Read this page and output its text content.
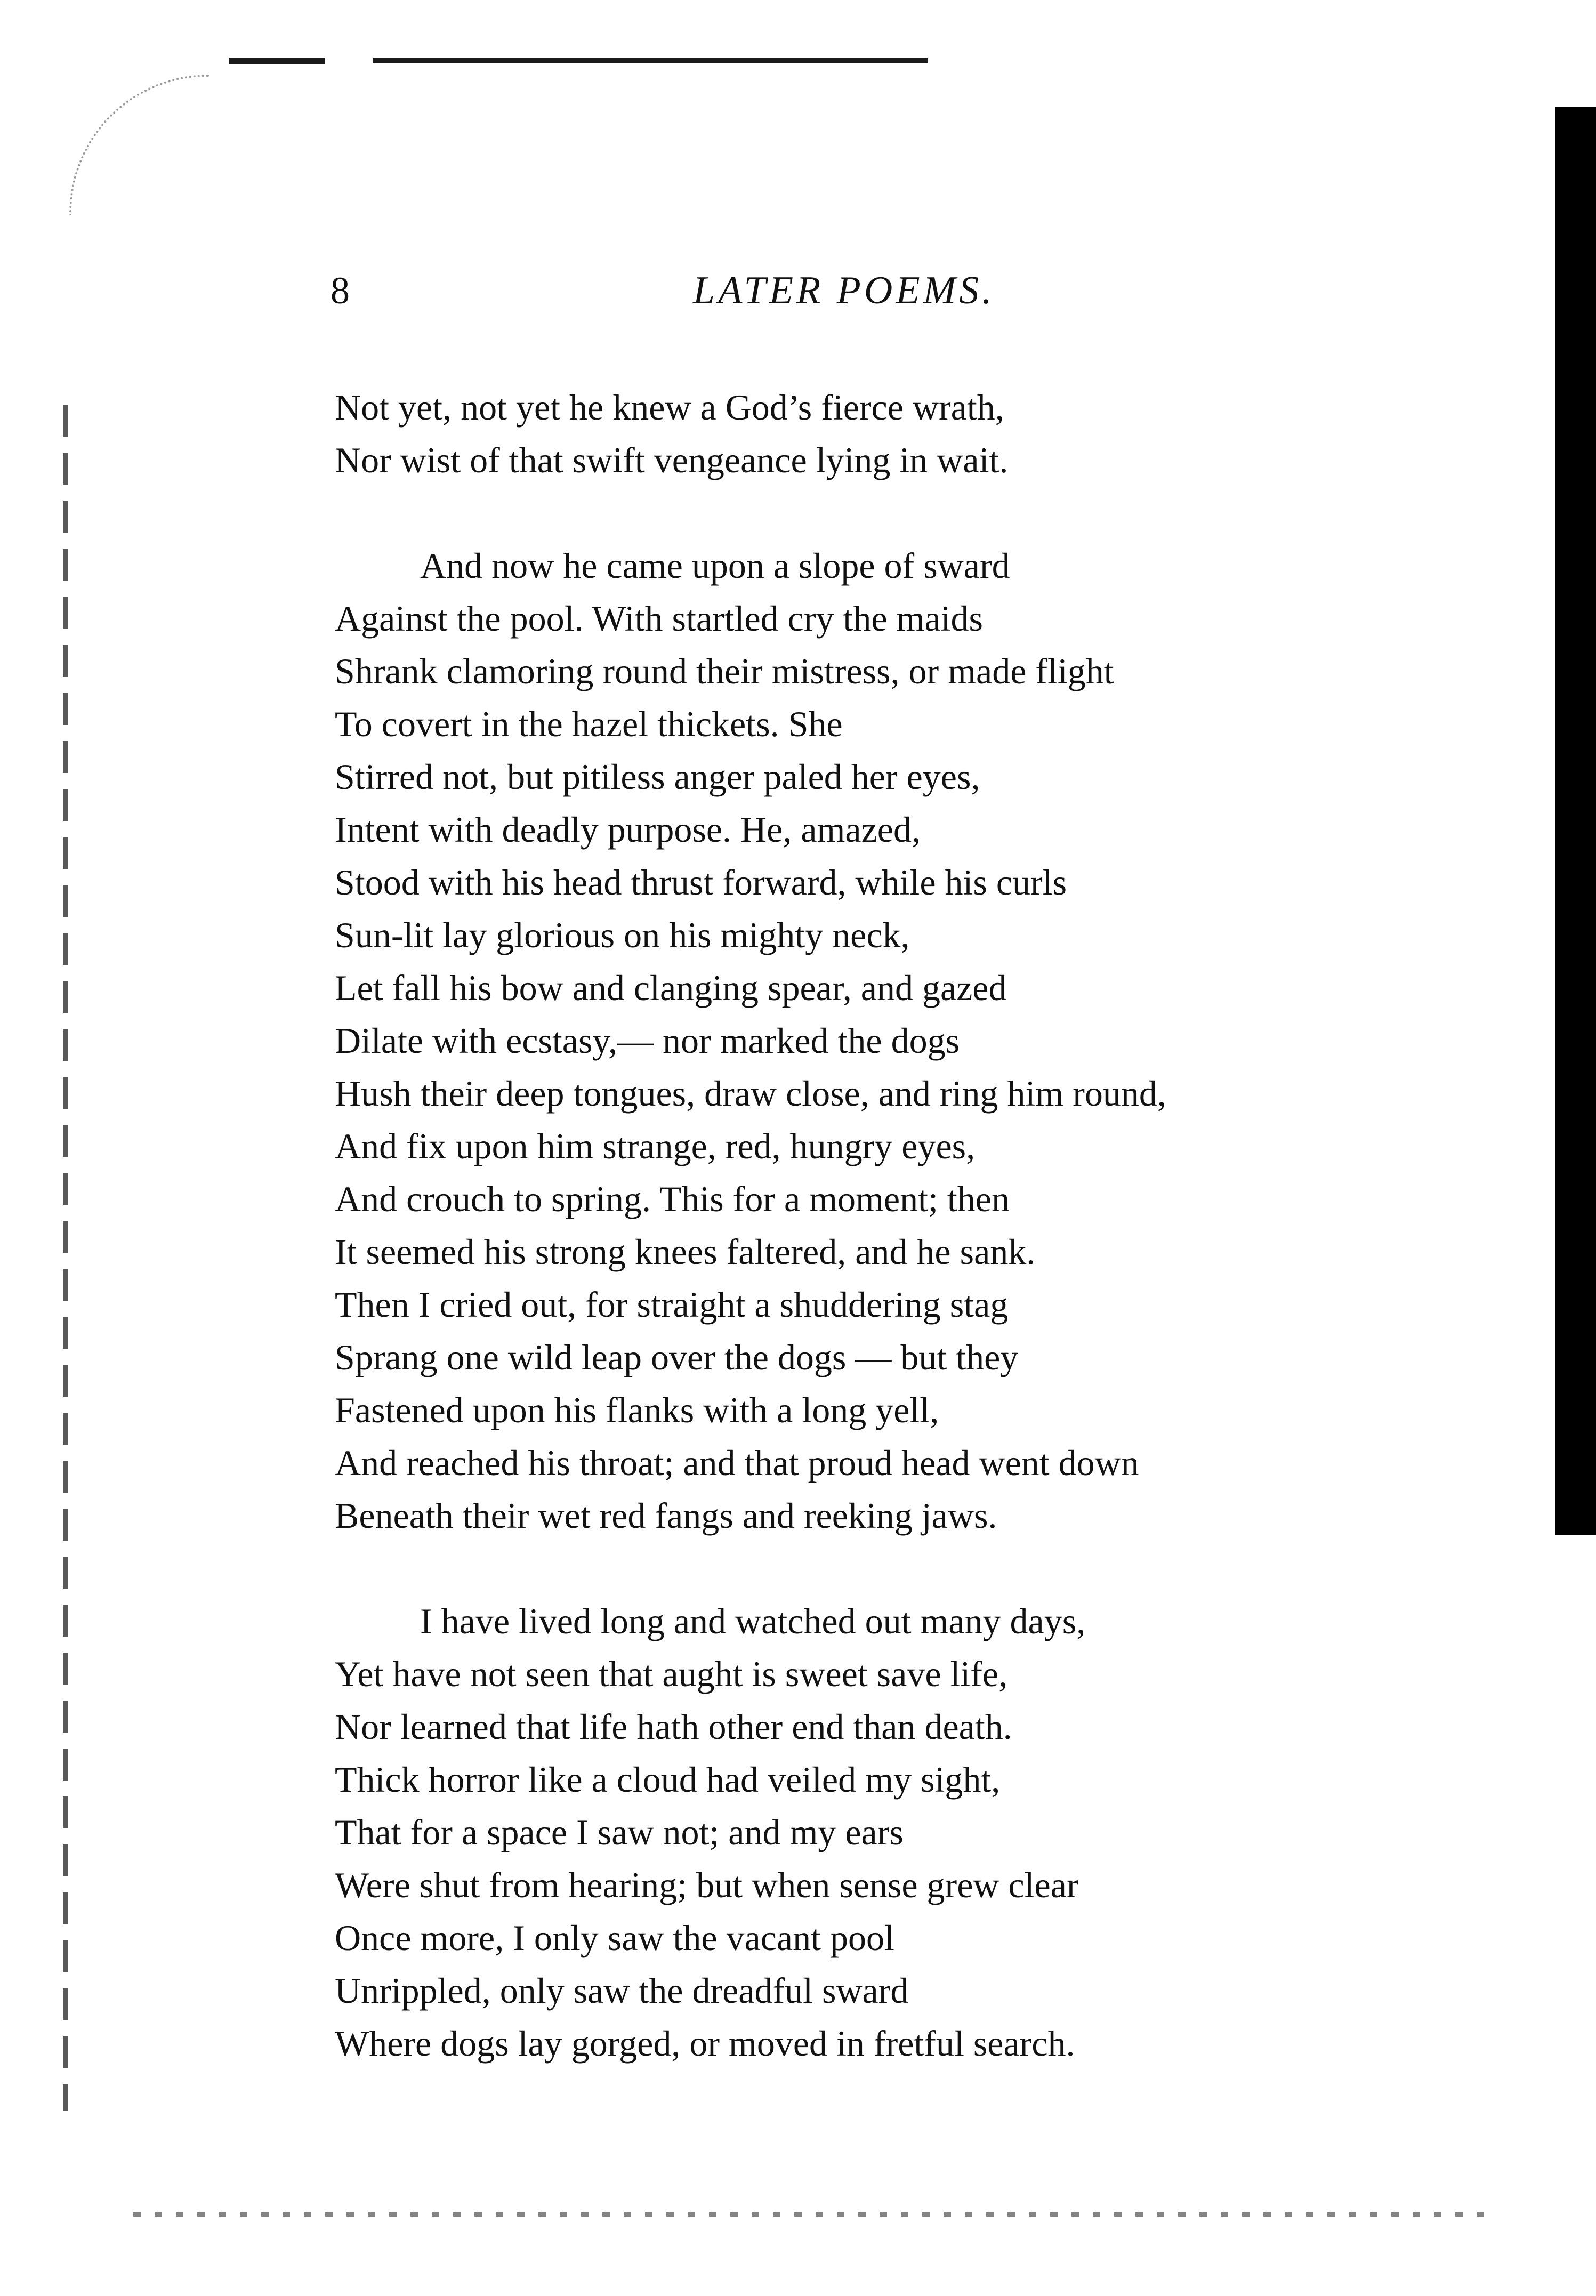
8	LATER POEMS.
Not yet, not yet he knew a God’s fierce wrath,
Nor wist of that swift vengeance lying in wait.
And now he came upon a slope of sward
Against the pool. With startled cry the maids
Shrank clamoring round their mistress, or made flight
To covert in the hazel thickets. She
Stirred not, but pitiless anger paled her eyes,
Intent with deadly purpose. He, amazed,
Stood with his head thrust forward, while his curls
Sun-lit lay glorious on his mighty neck,
Let fall his bow and clanging spear, and gazed
Dilate with ecstasy,— nor marked the dogs
Hush their deep tongues, draw close, and ring him round,
And fix upon him strange, red, hungry eyes,
And crouch to spring. This for a moment; then
It seemed his strong knees faltered, and he sank.
Then I cried out, for straight a shuddering stag
Sprang one wild leap over the dogs — but they
Fastened upon his flanks with a long yell,
And reached his throat; and that proud head went down
Beneath their wet red fangs and reeking jaws.
I have lived long and watched out many days,
Yet have not seen that aught is sweet save life,
Nor learned that life hath other end than death.
Thick horror like a cloud had veiled my sight,
That for a space I saw not; and my ears
Were shut from hearing; but when sense grew clear
Once more, I only saw the vacant pool
Unrippled, only saw the dreadful sward
Where dogs lay gorged, or moved in fretful search.
